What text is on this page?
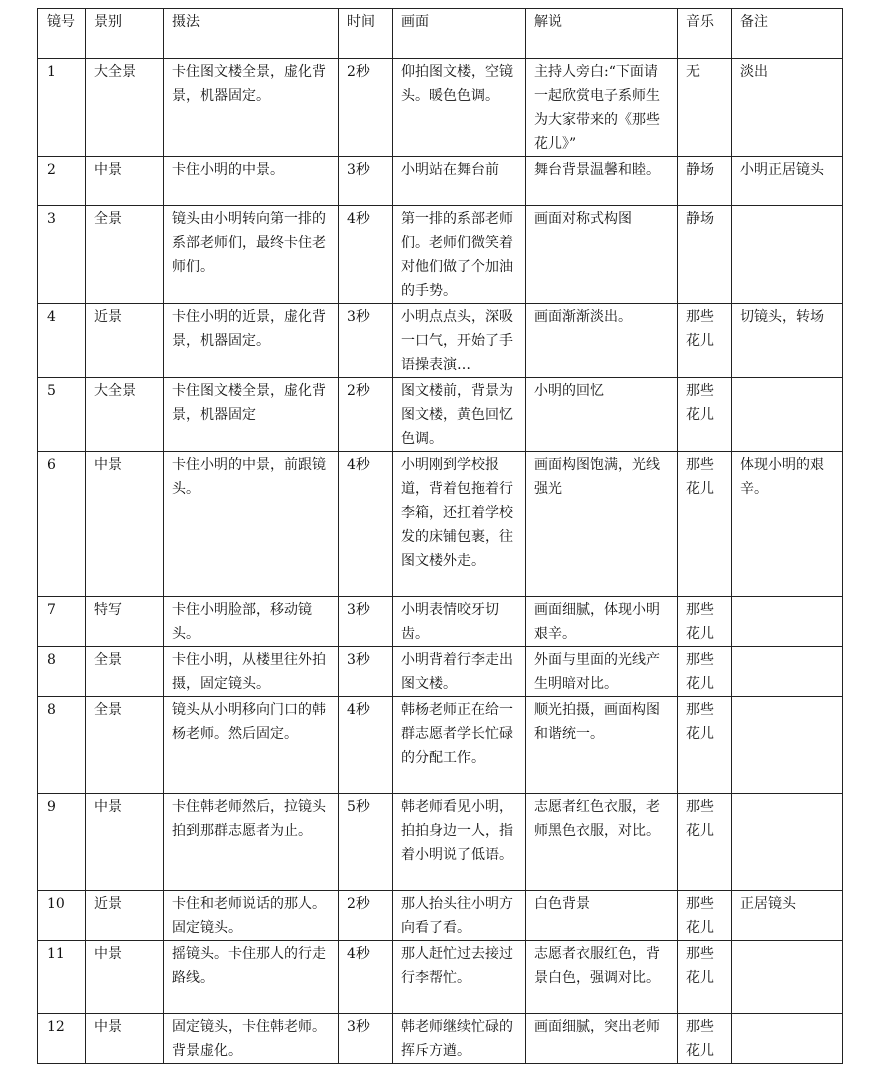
镜号	景别	摄法	时间	画面	解说	音乐	备注
1	大全景	卡住图文楼全景，虚化背景，机器固定。	2秒	仰拍图文楼，空镜头。暖色色调。	主持人旁白:“下面请一起欣赏电子系师生为大家带来的《那些花儿》”	无	淡出
2	中景	卡住小明的中景。	3秒	小明站在舞台前	舞台背景温馨和睦。	静场	小明正居镜头
3	全景	镜头由小明转向第一排的系部老师们，最终卡住老师们。	4秒	第一排的系部老师们。老师们微笑着对他们做了个加油的手势。	画面对称式构图	静场	
4	近景	卡住小明的近景，虚化背景，机器固定。	3秒	小明点点头，深吸一口气，开始了手语操表演…	画面渐渐淡出。	那些花儿	切镜头，转场
5	大全景	卡住图文楼全景，虚化背景，机器固定	2秒	图文楼前，背景为图文楼，黄色回忆色调。	小明的回忆	那些花儿	
6	中景	卡住小明的中景，前跟镜头。	4秒	小明刚到学校报道，背着包拖着行李箱，还扛着学校发的床铺包裹，往图文楼外走。	画面构图饱满，光线强光	那些花儿	体现小明的艰辛。
7	特写	卡住小明脸部，移动镜头。	3秒	小明表情咬牙切齿。	画面细腻，体现小明艰辛。	那些花儿	
8	全景	卡住小明，从楼里往外拍摄，固定镜头。	3秒	小明背着行李走出图文楼。	外面与里面的光线产生明暗对比。	那些花儿	
8	全景	镜头从小明移向门口的韩杨老师。然后固定。	4秒	韩杨老师正在给一群志愿者学长忙碌的分配工作。	顺光拍摄，画面构图和谐统一。	那些花儿	
9	中景	卡住韩老师然后，拉镜头拍到那群志愿者为止。	5秒	韩老师看见小明，拍拍身边一人，指着小明说了低语。	志愿者红色衣服，老师黑色衣服，对比。	那些花儿	
10	近景	卡住和老师说话的那人。固定镜头。	2秒	那人抬头往小明方向看了看。	白色背景	那些花儿	正居镜头
11	中景	摇镜头。卡住那人的行走路线。	4秒	那人赶忙过去接过行李帮忙。	志愿者衣服红色，背景白色，强调对比。	那些花儿	
12	中景	固定镜头，卡住韩老师。背景虚化。	3秒	韩老师继续忙碌的挥斥方遒。	画面细腻，突出老师	那些花儿	
